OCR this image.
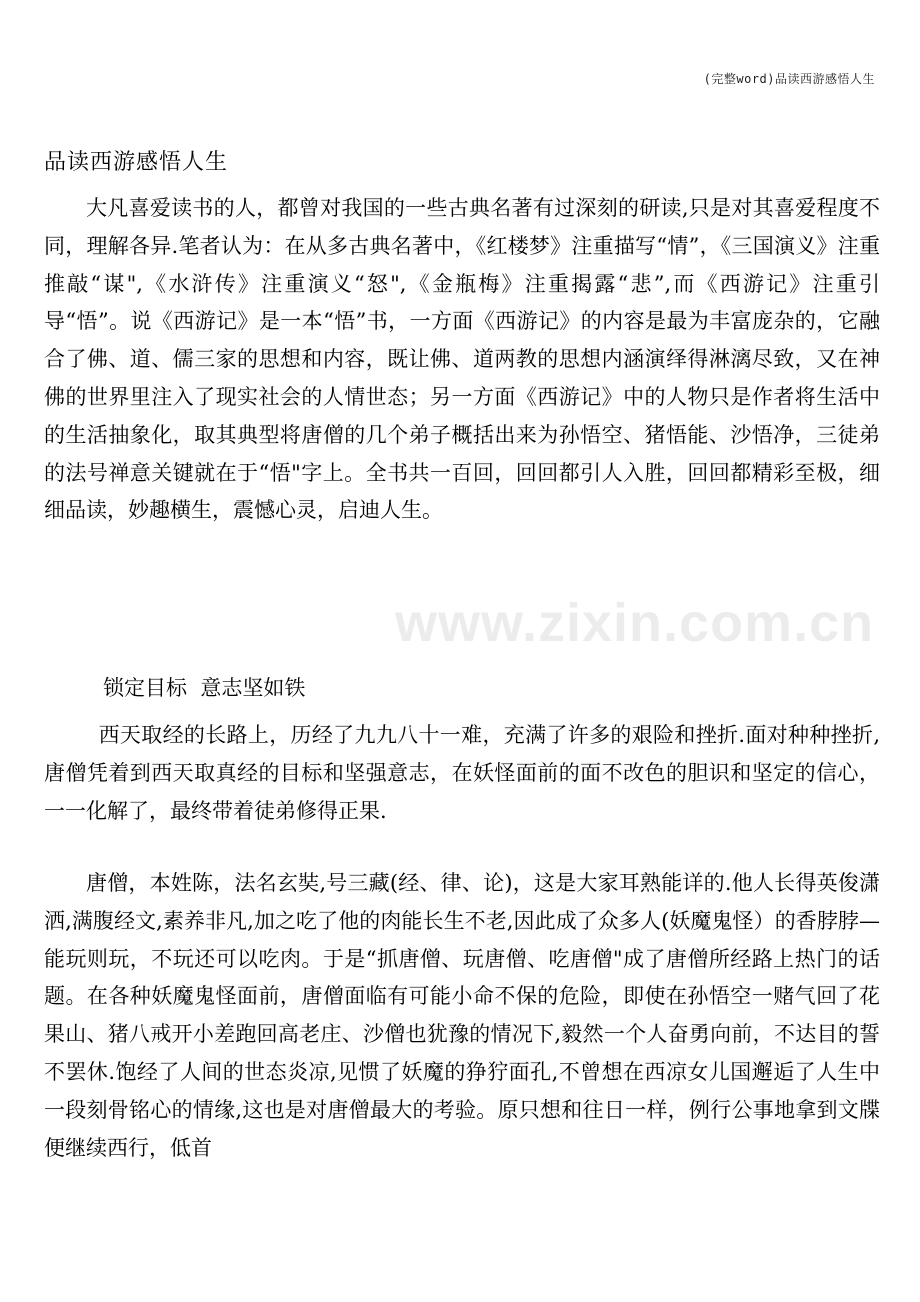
(完整word)品读西游感悟人生
品读西游感悟人生

大凡喜爱读书的人，都曾对我国的一些古典名著有过深刻的研读,只是对其喜爱程度不同，理解各异.笔者认为：在从多古典名著中，《红楼梦》注重描写“情”，《三国演义》注重推敲“谋",《水浒传》注重演义“怒",《金瓶梅》注重揭露“悲”,而《西游记》注重引导“悟”。说《西游记》是一本“悟”书，一方面《西游记》的内容是最为丰富庞杂的，它融合了佛、道、儒三家的思想和内容，既让佛、道两教的思想内涵演绎得淋漓尽致，又在神佛的世界里注入了现实社会的人情世态；另一方面《西游记》中的人物只是作者将生活中的生活抽象化，取其典型将唐僧的几个弟子概括出来为孙悟空、猪悟能、沙悟净，三徒弟的法号禅意关键就在于“悟"字上。全书共一百回，回回都引人入胜，回回都精彩至极，细细品读，妙趣横生，震憾心灵，启迪人生。

www.zixin.com.cn
锁定目标  意志坚如铁

西天取经的长路上，历经了九九八十一难，充满了许多的艰险和挫折.面对种种挫折,唐僧凭着到西天取真经的目标和坚强意志，在妖怪面前的面不改色的胆识和坚定的信心，一一化解了，最终带着徒弟修得正果.

唐僧，本姓陈，法名玄奘,号三藏(经、律、论)，这是大家耳熟能详的.他人长得英俊潇洒,满腹经文,素养非凡,加之吃了他的肉能长生不老,因此成了众多人(妖魔鬼怪）的香脖脖—能玩则玩，不玩还可以吃肉。于是“抓唐僧、玩唐僧、吃唐僧"成了唐僧所经路上热门的话题。在各种妖魔鬼怪面前，唐僧面临有可能小命不保的危险，即使在孙悟空一赌气回了花果山、猪八戒开小差跑回高老庄、沙僧也犹豫的情况下,毅然一个人奋勇向前，不达目的誓不罢休.饱经了人间的世态炎凉,见惯了妖魔的狰狞面孔,不曾想在西凉女儿国邂逅了人生中一段刻骨铭心的情缘,这也是对唐僧最大的考验。原只想和往日一样，例行公事地拿到文牒便继续西行，低首
